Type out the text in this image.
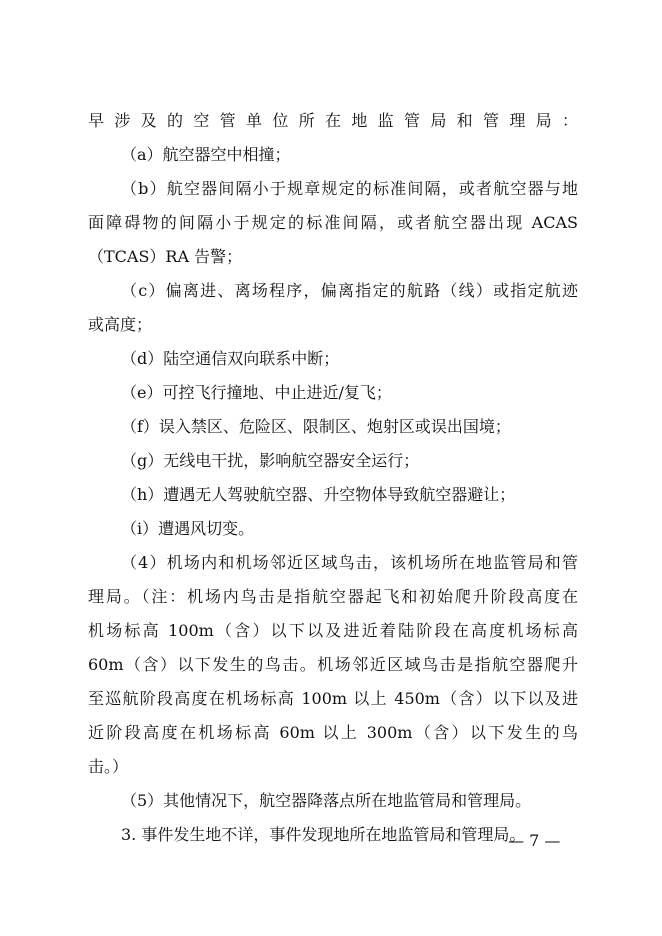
早涉及的空管单位所在地监管局和管理局：
（a）航空器空中相撞；
（b）航空器间隔小于规章规定的标准间隔，或者航空器与地
面障碍物的间隔小于规定的标准间隔，或者航空器出现 ACAS
（TCAS）RA 告警；
（c）偏离进、离场程序，偏离指定的航路（线）或指定航迹
或高度；
（d）陆空通信双向联系中断；
（e）可控飞行撞地、中止进近/复飞；
（f）误入禁区、危险区、限制区、炮射区或误出国境；
（g）无线电干扰，影响航空器安全运行；
（h）遭遇无人驾驶航空器、升空物体导致航空器避让；
（i）遭遇风切变。
（4）机场内和机场邻近区域鸟击，该机场所在地监管局和管
理局。（注：机场内鸟击是指航空器起飞和初始爬升阶段高度在
机场标高 100m（含）以下以及进近着陆阶段在高度机场标高
60m（含）以下发生的鸟击。机场邻近区域鸟击是指航空器爬升
至巡航阶段高度在机场标高 100m 以上 450m（含）以下以及进
近阶段高度在机场标高 60m 以上 300m（含）以下发生的鸟
击。）
（5）其他情况下，航空器降落点所在地监管局和管理局。
3. 事件发生地不详，事件发现地所在地监管局和管理局。
— 7 —
